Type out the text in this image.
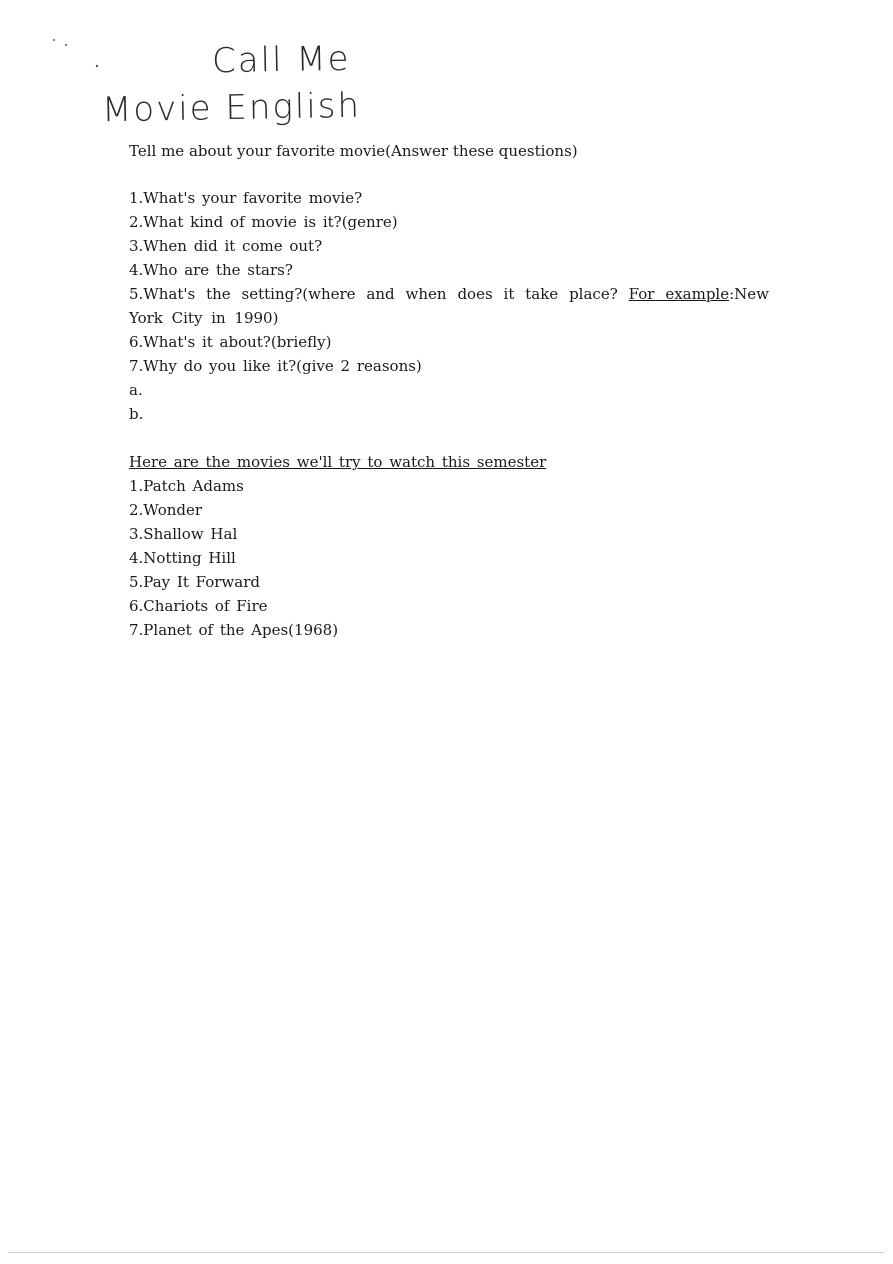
Call Me
Movie English
Tell me about your favorite movie(Answer these questions)
1.What's your favorite movie?
2.What kind of movie is it?(genre)
3.When did it come out?
4.Who are the stars?
5.What's the setting?(where and when does it take place? For example:New York City in 1990)
6.What's it about?(briefly)
7.Why do you like it?(give 2 reasons)
a.
b.
Here are the movies we'll try to watch this semester
1.Patch Adams
2.Wonder
3.Shallow Hal
4.Notting Hill
5.Pay It Forward
6.Chariots of Fire
7.Planet of the Apes(1968)
